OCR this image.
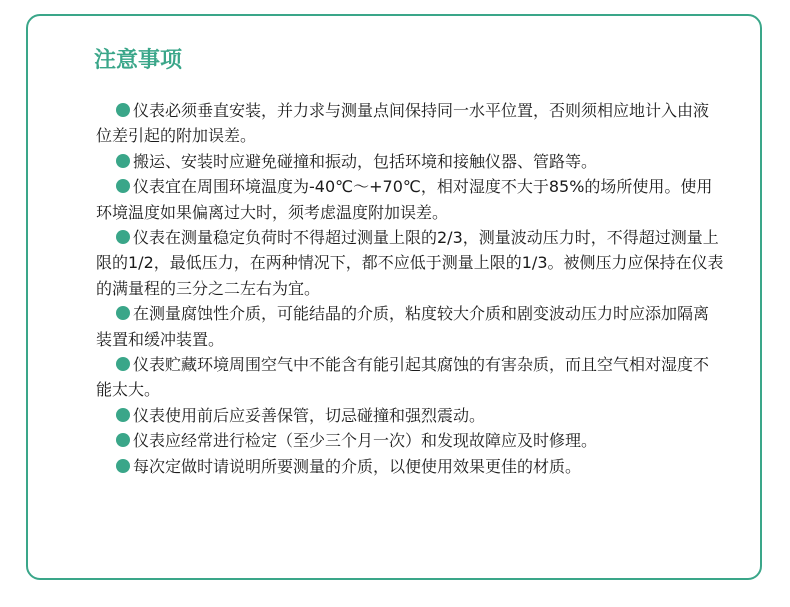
注意事项
仪表必须垂直安装，并力求与测量点间保持同一水平位置，否则须相应地计入由液位差引起的附加误差。
搬运、安装时应避免碰撞和振动，包括环境和接触仪器、管路等。
仪表宜在周围环境温度为-40℃～+70℃，相对湿度不大于85%的场所使用。使用环境温度如果偏离过大时，须考虑温度附加误差。
仪表在测量稳定负荷时不得超过测量上限的2/3，测量波动压力时，不得超过测量上限的1/2，最低压力，在两种情况下，都不应低于测量上限的1/3。被侧压力应保持在仪表的满量程的三分之二左右为宜。
在测量腐蚀性介质，可能结晶的介质，粘度较大介质和剧变波动压力时应添加隔离装置和缓冲装置。
仪表贮藏环境周围空气中不能含有能引起其腐蚀的有害杂质，而且空气相对湿度不能太大。
仪表使用前后应妥善保管，切忌碰撞和强烈震动。
仪表应经常进行检定（至少三个月一次）和发现故障应及时修理。
每次定做时请说明所要测量的介质，以便使用效果更佳的材质。
